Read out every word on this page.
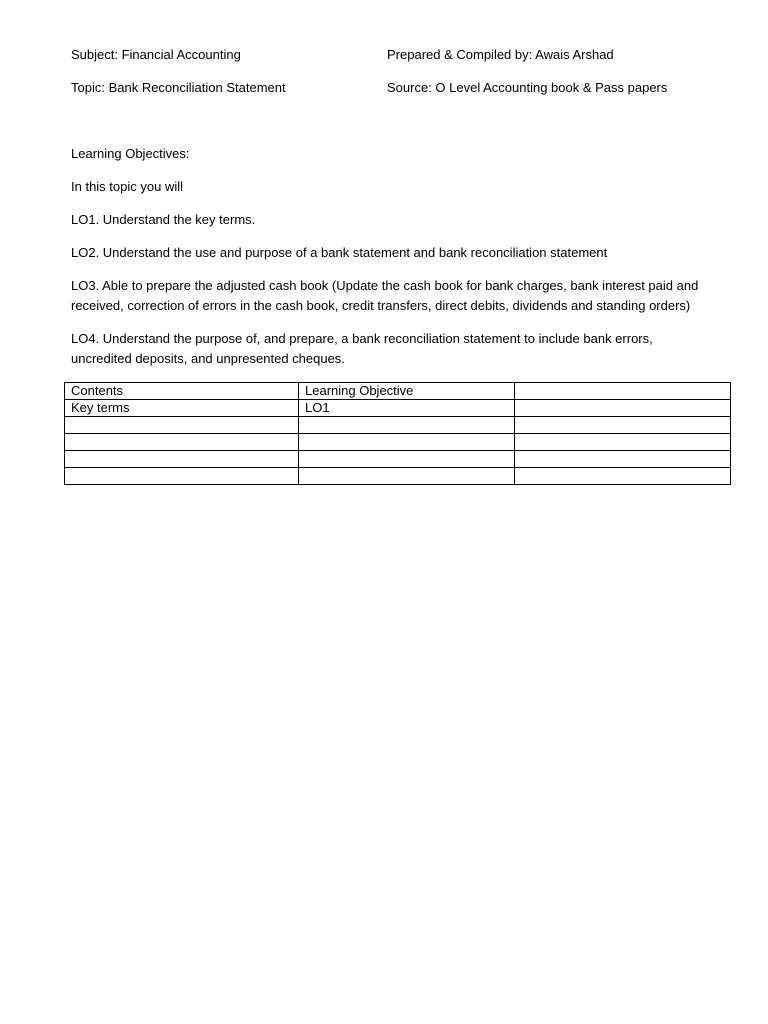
Subject: Financial Accounting	Prepared & Compiled by: Awais Arshad
Topic: Bank Reconciliation Statement	Source: O Level Accounting book & Pass papers
Learning Objectives:
In this topic you will
LO1. Understand the key terms.
LO2. Understand the use and purpose of a bank statement and bank reconciliation statement
LO3. Able to prepare the adjusted cash book (Update the cash book for bank charges, bank interest paid and received, correction of errors in the cash book, credit transfers, direct debits, dividends and standing orders)
LO4. Understand the purpose of, and prepare, a bank reconciliation statement to include bank errors, uncredited deposits, and unpresented cheques.
Contents	Learning Objective	
Key terms	LO1	
